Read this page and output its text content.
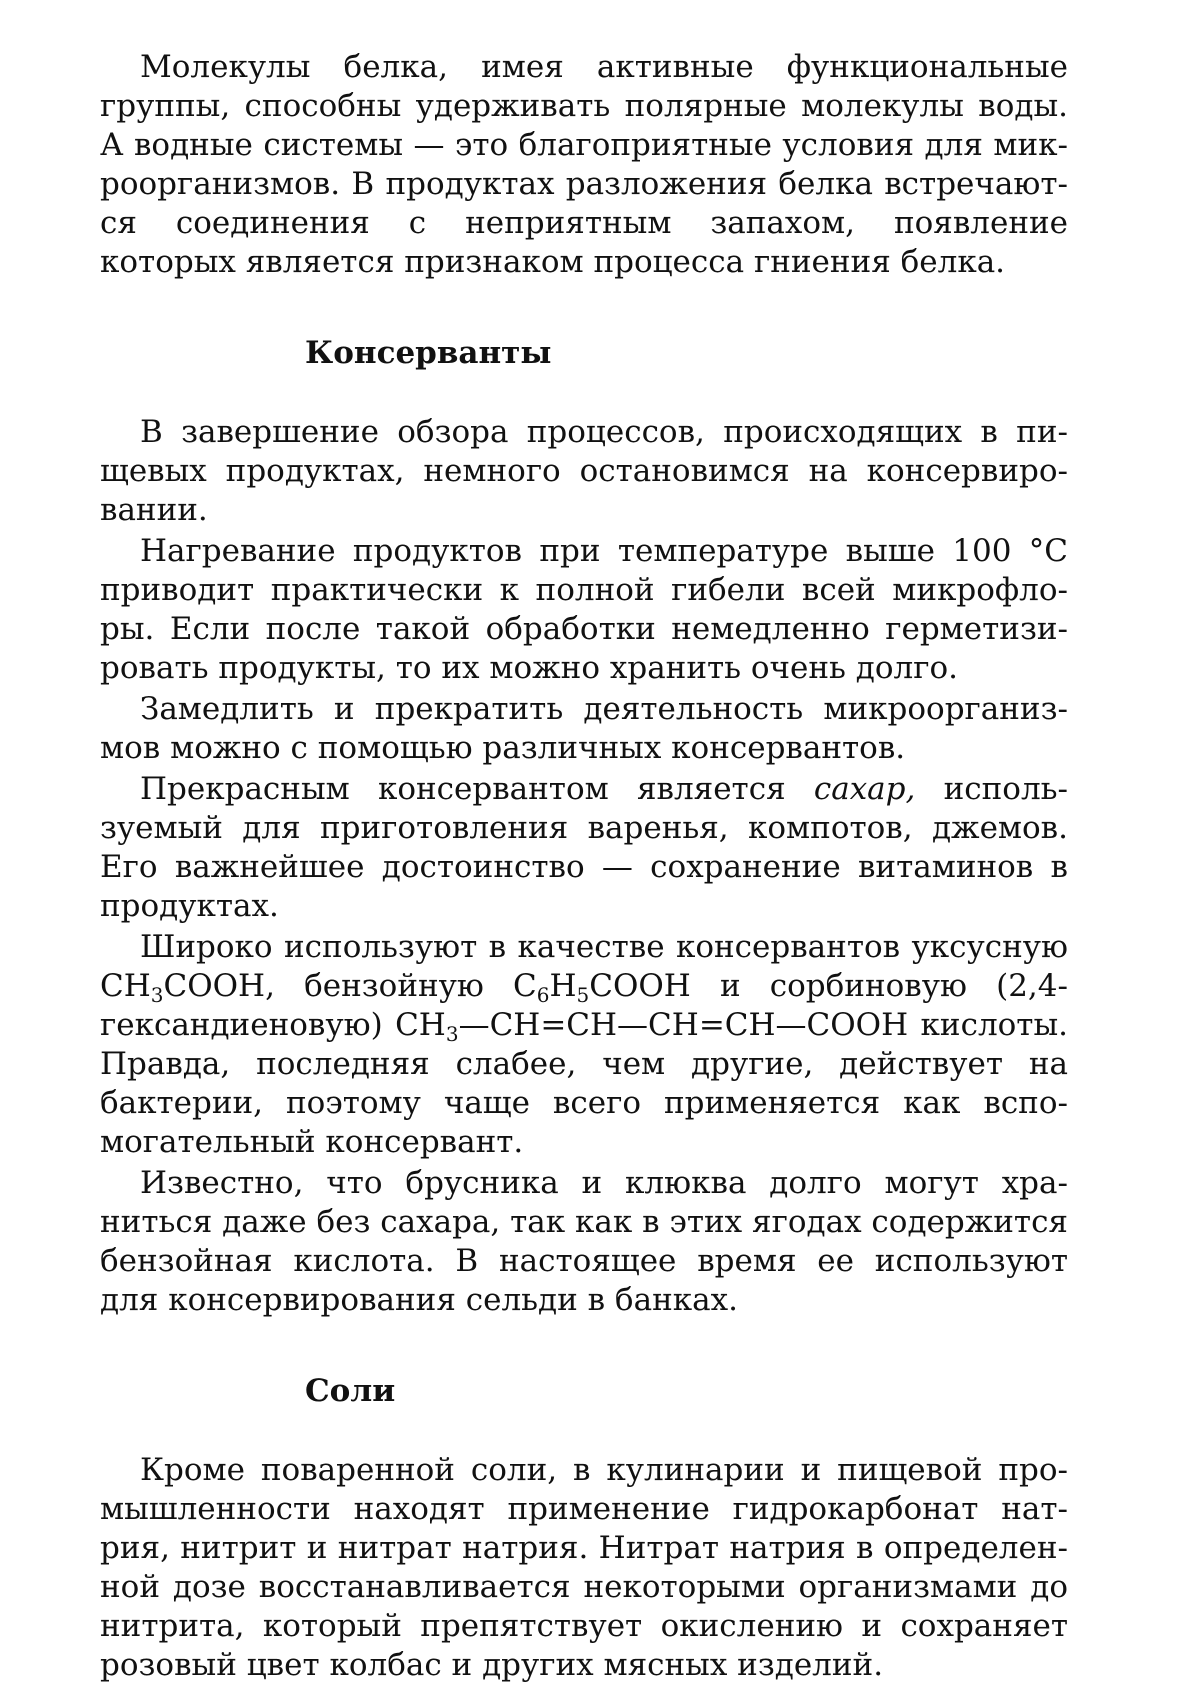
Молекулы белка, имея активные функциональные группы, способны удерживать полярные молекулы воды. А водные системы — это благоприятные условия для микроорганизмов. В продуктах разложения белка встречаются соединения с неприятным запахом, появление которых является признаком процесса гниения белка.

Консерванты

В завершение обзора процессов, происходящих в пищевых продуктах, немного остановимся на консервировании.

Нагревание продуктов при температуре выше 100 °С приводит практически к полной гибели всей микрофлоры. Если после такой обработки немедленно герметизировать продукты, то их можно хранить очень долго.

Замедлить и прекратить деятельность микроорганизмов можно с помощью различных консервантов.

Прекрасным консервантом является сахар, используемый для приготовления варенья, компотов, джемов. Его важнейшее достоинство — сохранение витаминов в продуктах.

Широко используют в качестве консервантов уксусную $CH_3COOH$, бензойную $C_6H_5COOH$ и сорбиновую (2,4-гександиеновую) $CH_3—CH=CH—CH=CH—COOH$ кислоты. Правда, последняя слабее, чем другие, действует на бактерии, поэтому чаще всего применяется как вспомогательный консервант.

Известно, что брусника и клюква долго могут храниться даже без сахара, так как в этих ягодах содержится бензойная кислота. В настоящее время ее используют для консервирования сельди в банках.

Соли

Кроме поваренной соли, в кулинарии и пищевой промышленности находят применение гидрокарбонат натрия, нитрит и нитрат натрия. Нитрат натрия в определенной дозе восстанавливается некоторыми организмами до нитрита, который препятствует окислению и сохраняет розовый цвет колбас и других мясных изделий.
